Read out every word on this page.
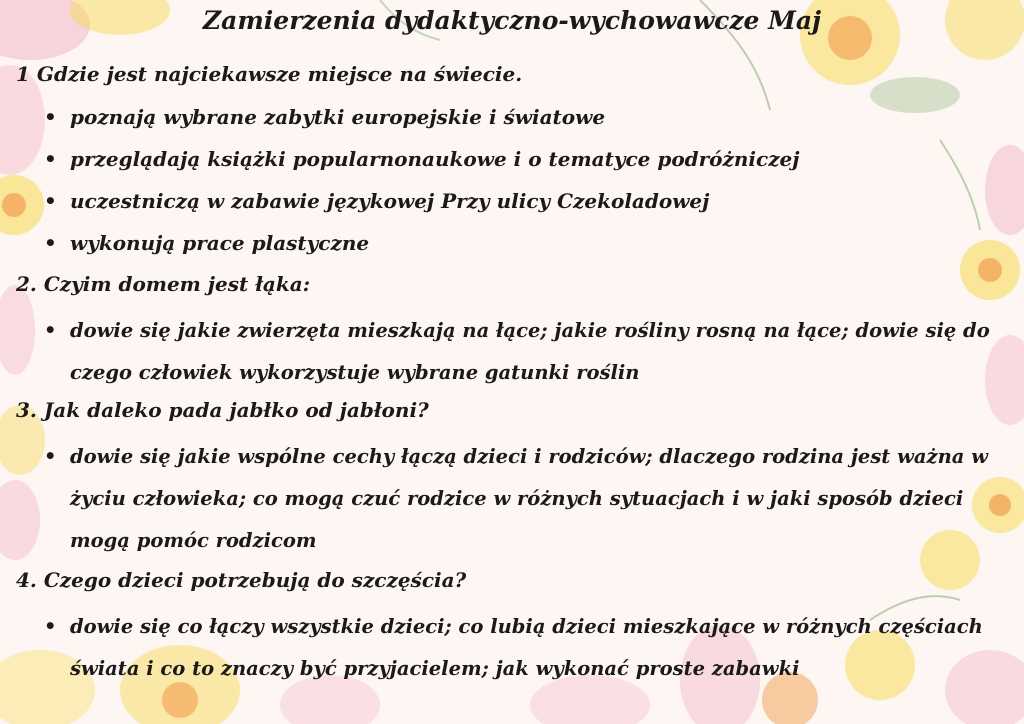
Zamierzenia dydaktyczno-wychowawcze Maj
1 Gdzie jest najciekawsze miejsce na świecie.
• poznają wybrane zabytki europejskie i światowe
• przeglądają książki popularnonaukowe i o tematyce podróżniczej
• uczestniczą w zabawie językowej Przy ulicy Czekoladowej
• wykonują prace plastyczne
2. Czyim domem jest łąka:
• dowie się jakie zwierzęta mieszkają na łące; jakie rośliny rosną na łące; dowie się do czego człowiek wykorzystuje wybrane gatunki roślin
3. Jak daleko pada jabłko od jabłoni?
• dowie się jakie wspólne cechy łączą dzieci i rodziców; dlaczego rodzina jest ważna w życiu człowieka; co mogą czuć rodzice w różnych sytuacjach i w jaki sposób dzieci mogą pomóc rodzicom
4. Czego dzieci potrzebują do szczęścia?
• dowie się co łączy wszystkie dzieci; co lubią dzieci mieszkające w różnych częściach świata i co to znaczy być przyjacielem; jak wykonać proste zabawki
